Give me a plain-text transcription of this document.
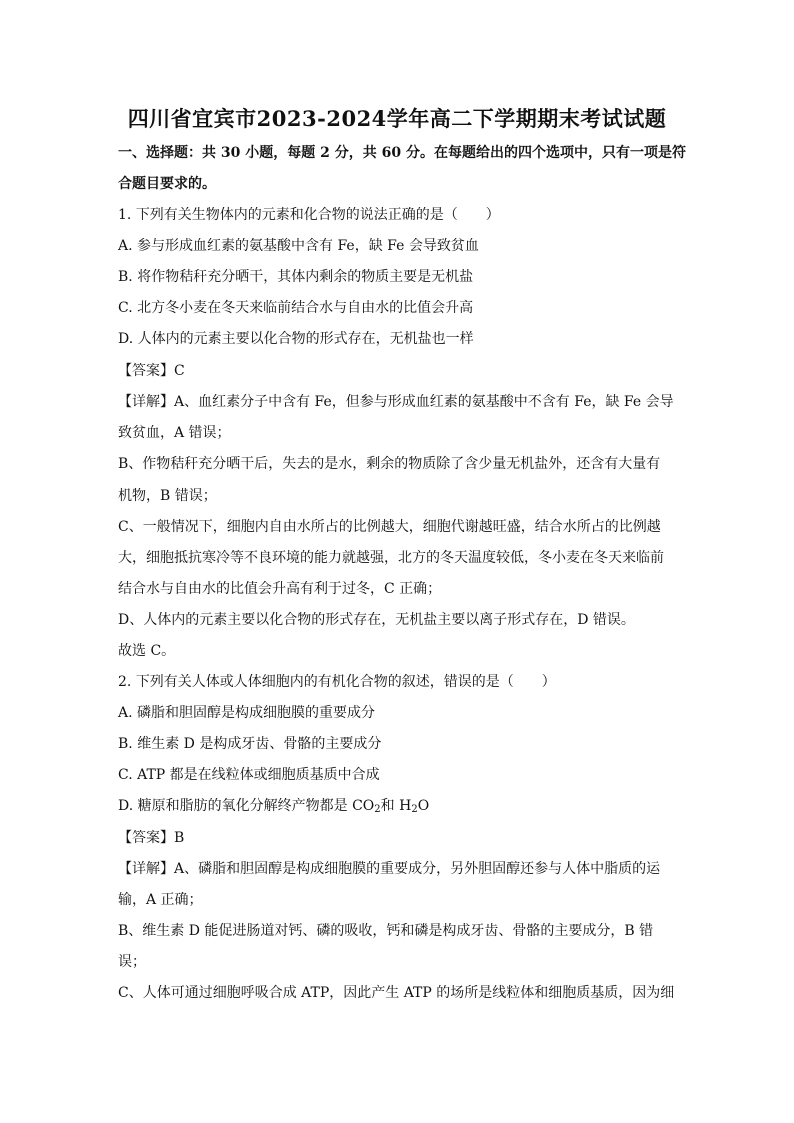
四川省宜宾市2023-2024学年高二下学期期末考试试题
一、选择题：共 30 小题，每题 2 分，共 60 分。在每题给出的四个选项中，只有一项是符
合题目要求的。
1. 下列有关生物体内的元素和化合物的说法正确的是（　　）
A. 参与形成血红素的氨基酸中含有 Fe，缺 Fe 会导致贫血
B. 将作物秸秆充分晒干，其体内剩余的物质主要是无机盐
C. 北方冬小麦在冬天来临前结合水与自由水的比值会升高
D. 人体内的元素主要以化合物的形式存在，无机盐也一样
【答案】C
【详解】A、血红素分子中含有 Fe，但参与形成血红素的氨基酸中不含有 Fe，缺 Fe 会导
致贫血，A 错误；
B、作物秸秆充分晒干后，失去的是水，剩余的物质除了含少量无机盐外，还含有大量有
机物，B 错误；
C、一般情况下，细胞内自由水所占的比例越大，细胞代谢越旺盛，结合水所占的比例越
大，细胞抵抗寒冷等不良环境的能力就越强，北方的冬天温度较低，冬小麦在冬天来临前
结合水与自由水的比值会升高有利于过冬，C 正确；
D、人体内的元素主要以化合物的形式存在，无机盐主要以离子形式存在，D 错误。
故选 C。
2. 下列有关人体或人体细胞内的有机化合物的叙述，错误的是（　　）
A. 磷脂和胆固醇是构成细胞膜的重要成分
B. 维生素 D 是构成牙齿、骨骼的主要成分
C. ATP 都是在线粒体或细胞质基质中合成
D. 糖原和脂肪的氧化分解终产物都是 $CO_2$和 $H_2O$
【答案】B
【详解】A、磷脂和胆固醇是构成细胞膜的重要成分，另外胆固醇还参与人体中脂质的运
输，A 正确；
B、维生素 D 能促进肠道对钙、磷的吸收，钙和磷是构成牙齿、骨骼的主要成分，B 错
误；
C、人体可通过细胞呼吸合成 ATP，因此产生 ATP 的场所是线粒体和细胞质基质，因为细
